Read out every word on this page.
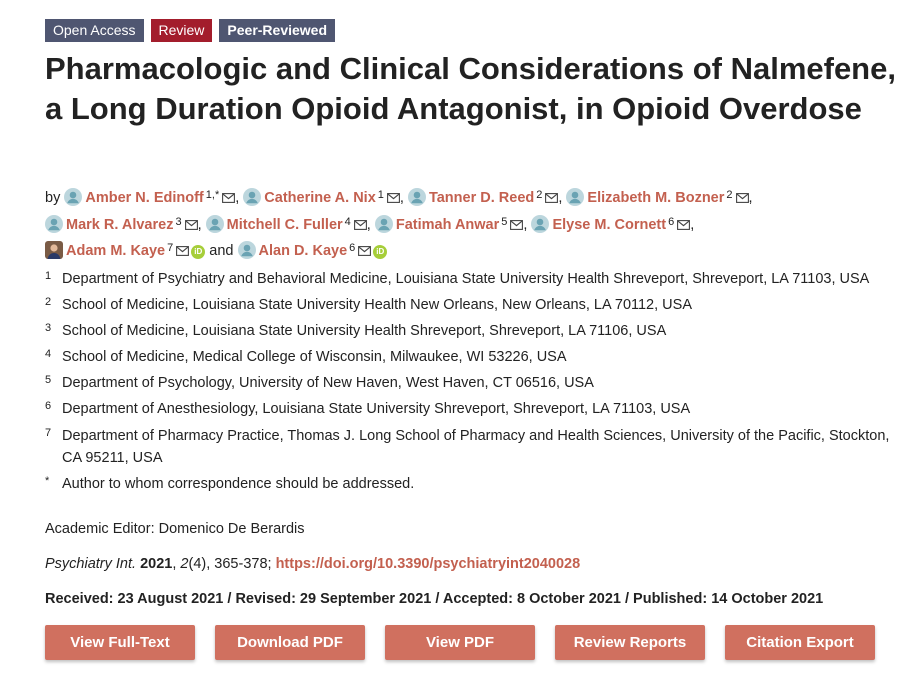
Open Access	Review	Peer-Reviewed
Pharmacologic and Clinical Considerations of Nalmefene, a Long Duration Opioid Antagonist, in Opioid Overdose
by Amber N. Edinoff $^{1,*}$ , Catherine A. Nix $^1$ , Tanner D. Reed $^2$ , Elizabeth M. Bozner $^2$ ,
Mark R. Alvarez $^3$ , Mitchell C. Fuller $^4$ , Fatimah Anwar $^5$ , Elyse M. Cornett $^6$ ,
Adam M. Kaye $^7$	iD and Alan D. Kaye $^6$	iD
1 Department of Psychiatry and Behavioral Medicine, Louisiana State University Health Shreveport, Shreveport, LA 71103, USA
2 School of Medicine, Louisiana State University Health New Orleans, New Orleans, LA 70112, USA
3 School of Medicine, Louisiana State University Health Shreveport, Shreveport, LA 71106, USA
4 School of Medicine, Medical College of Wisconsin, Milwaukee, WI 53226, USA
5 Department of Psychology, University of New Haven, West Haven, CT 06516, USA
6 Department of Anesthesiology, Louisiana State University Shreveport, Shreveport, LA 71103, USA
7 Department of Pharmacy Practice, Thomas J. Long School of Pharmacy and Health Sciences, University of the Pacific, Stockton, CA 95211, USA
* Author to whom correspondence should be addressed.
Academic Editor: Domenico De Berardis
Psychiatry Int. 2021, 2(4), 365-378; https://doi.org/10.3390/psychiatryint2040028
Received: 23 August 2021 / Revised: 29 September 2021 / Accepted: 8 October 2021 / Published: 14 October 2021
View Full-Text	Download PDF	View PDF	Review Reports	Citation Export
